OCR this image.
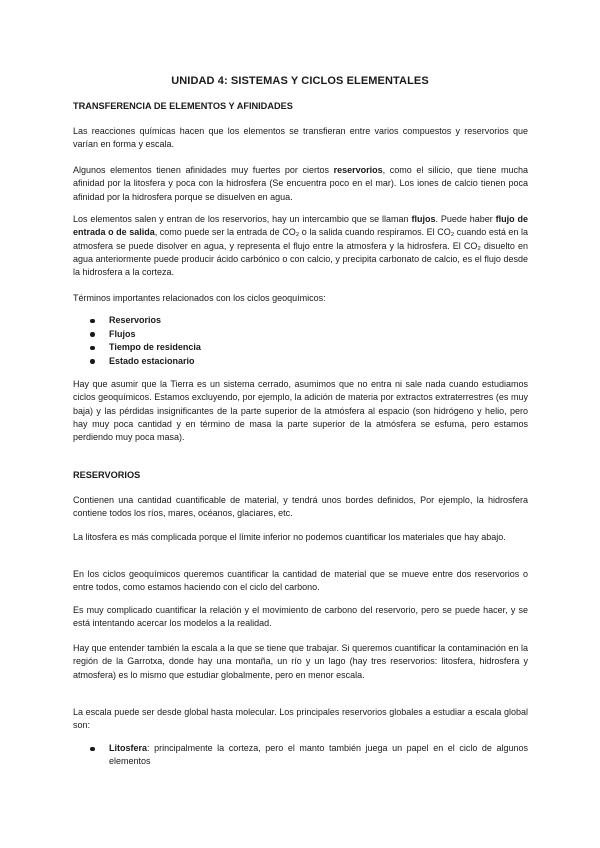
UNIDAD 4: SISTEMAS Y CICLOS ELEMENTALES
TRANSFERENCIA DE ELEMENTOS Y AFINIDADES

Las reacciones químicas hacen que los elementos se transfieran entre varios compuestos y reservorios que varían en forma y escala.

Algunos elementos tienen afinidades muy fuertes por ciertos reservorios, como el silicio, que tiene mucha afinidad por la litosfera y poca con la hidrosfera (Se encuentra poco en el mar). Los iones de calcio tienen poca afinidad por la hidrosfera porque se disuelven en agua.

Los elementos salen y entran de los reservorios, hay un intercambio que se llaman flujos. Puede haber flujo de entrada o de salida, como puede ser la entrada de CO₂ o la salida cuando respiramos. El CO₂ cuando está en la atmosfera se puede disolver en agua, y representa el flujo entre la atmosfera y la hidrosfera. El CO₂ disuelto en agua anteriormente puede producir ácido carbónico o con calcio, y precipita carbonato de calcio, es el flujo desde la hidrosfera a la corteza.

Términos importantes relacionados con los ciclos geoquímicos:

Reservorios
Flujos
Tiempo de residencia
Estado estacionario

Hay que asumir que la Tierra es un sistema cerrado, asumimos que no entra ni sale nada cuando estudiamos ciclos geoquímicos. Estamos excluyendo, por ejemplo, la adición de materia por extractos extraterrestres (es muy baja) y las pérdidas insignificantes de la parte superior de la atmósfera al espacio (son hidrógeno y helio, pero hay muy poca cantidad y en término de masa la parte superior de la atmósfera se esfuma, pero estamos perdiendo muy poca masa).

RESERVORIOS

Contienen una cantidad cuantificable de material, y tendrá unos bordes definidos, Por ejemplo, la hidrosfera contiene todos los ríos, mares, océanos, glaciares, etc.

La litosfera es más complicada porque el límite inferior no podemos cuantificar los materiales que hay abajo.

En los ciclos geoquímicos queremos cuantificar la cantidad de material que se mueve entre dos reservorios o entre todos, como estamos haciendo con el ciclo del carbono.

Es muy complicado cuantificar la relación y el movimiento de carbono del reservorio, pero se puede hacer, y se está intentando acercar los modelos a la realidad.

Hay que entender también la escala a la que se tiene que trabajar. Si queremos cuantificar la contaminación en la región de la Garrotxa, donde hay una montaña, un río y un lago (hay tres reservorios: litosfera, hidrosfera y atmosfera) es lo mismo que estudiar globalmente, pero en menor escala.

La escala puede ser desde global hasta molecular. Los principales reservorios globales a estudiar a escala global son:

Litosfera: principalmente la corteza, pero el manto también juega un papel en el ciclo de algunos elementos
